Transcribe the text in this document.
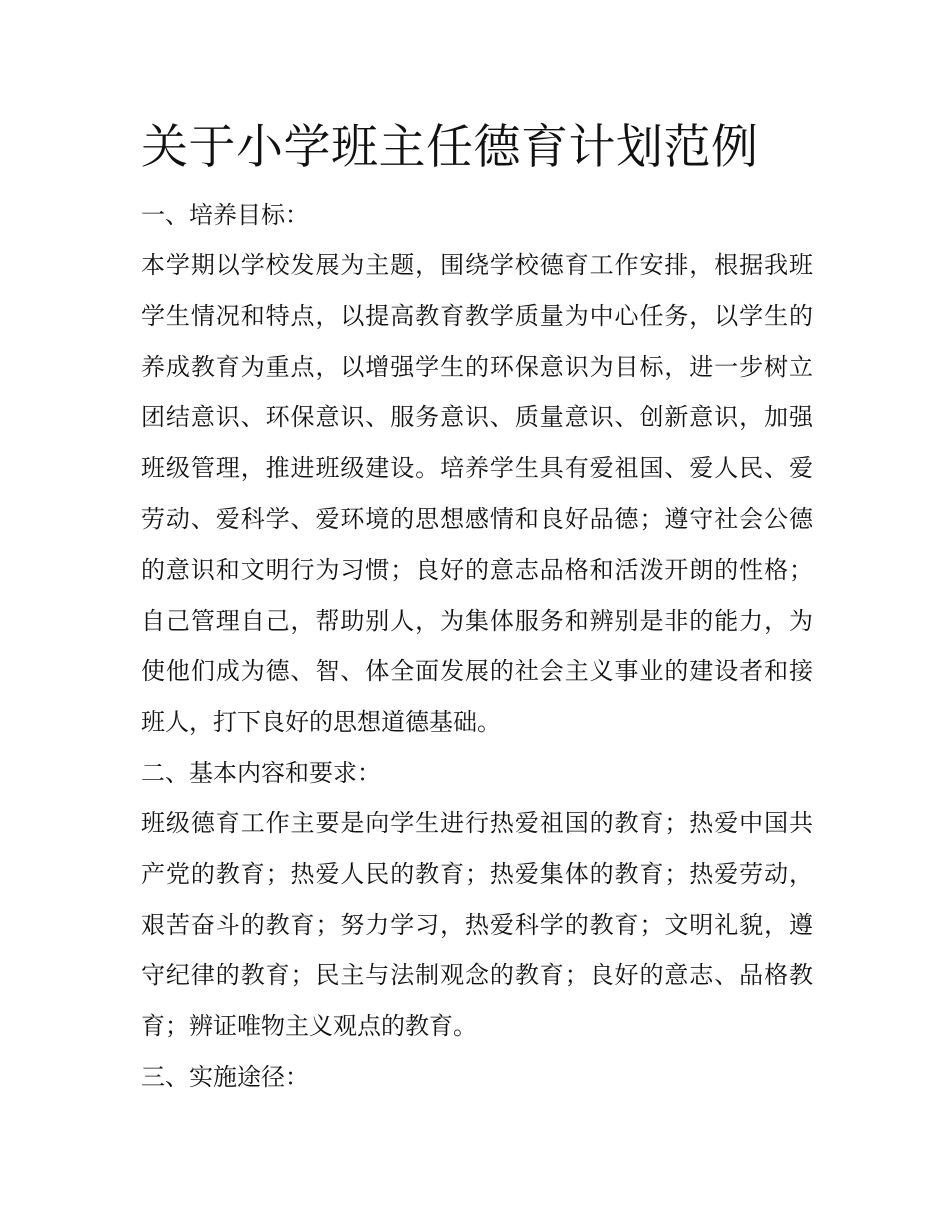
关于小学班主任德育计划范例

一、培养目标：

本学期以学校发展为主题，围绕学校德育工作安排，根据我班
学生情况和特点，以提高教育教学质量为中心任务，以学生的
养成教育为重点，以增强学生的环保意识为目标，进一步树立
团结意识、环保意识、服务意识、质量意识、创新意识，加强
班级管理，推进班级建设。培养学生具有爱祖国、爱人民、爱
劳动、爱科学、爱环境的思想感情和良好品德；遵守社会公德
的意识和文明行为习惯；良好的意志品格和活泼开朗的性格；
自己管理自己，帮助别人，为集体服务和辨别是非的能力，为
使他们成为德、智、体全面发展的社会主义事业的建设者和接
班人，打下良好的思想道德基础。

二、基本内容和要求：

班级德育工作主要是向学生进行热爱祖国的教育；热爱中国共
产党的教育；热爱人民的教育；热爱集体的教育；热爱劳动，
艰苦奋斗的教育；努力学习，热爱科学的教育；文明礼貌，遵
守纪律的教育；民主与法制观念的教育；良好的意志、品格教
育；辨证唯物主义观点的教育。

三、实施途径：
